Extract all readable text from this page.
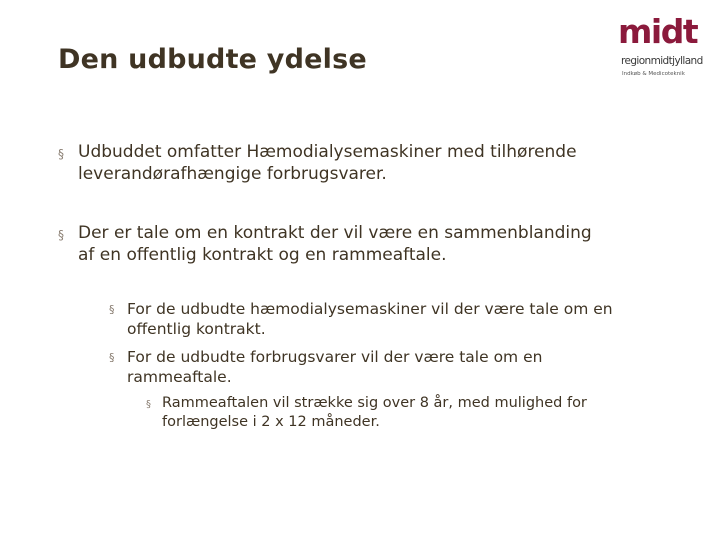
Den udbudte ydelse
midt
regionmidtjylland
Indkøb & Medicoteknik
§ Udbuddet omfatter Hæmodialysemaskiner med tilhørende leverandørafhængige forbrugsvarer.
§ Der er tale om en kontrakt der vil være en sammenblanding af en offentlig kontrakt og en rammeaftale.
§ For de udbudte hæmodialysemaskiner vil der være tale om en offentlig kontrakt.
§ For de udbudte forbrugsvarer vil der være tale om en rammeaftale.
§ Rammeaftalen vil strække sig over 8 år, med mulighed for forlængelse i 2 x 12 måneder.
